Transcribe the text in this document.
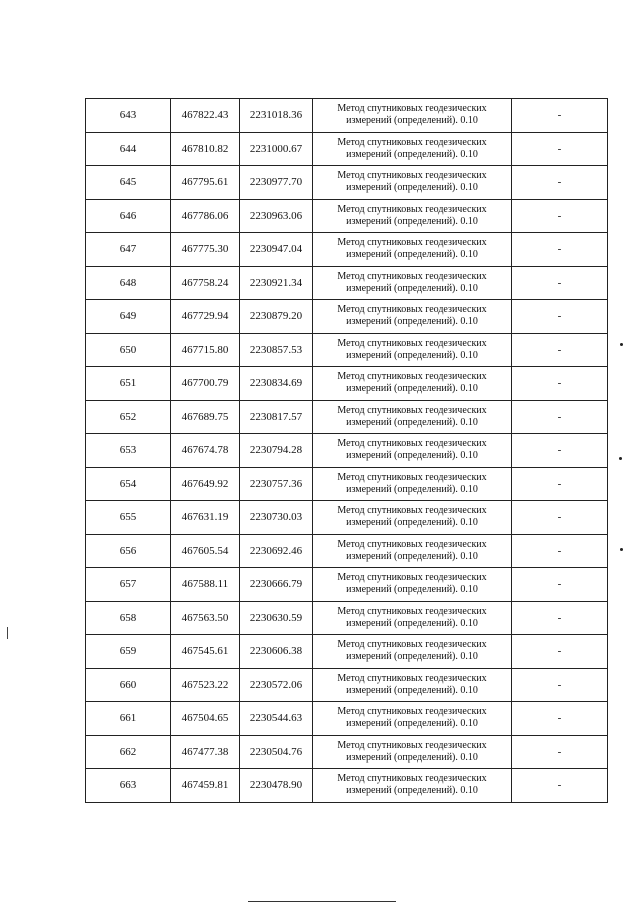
643	467822.43	2231018.36	Метод спутниковых геодезических
измерений (определений). 0.10	-
644	467810.82	2231000.67	Метод спутниковых геодезических
измерений (определений). 0.10	-
645	467795.61	2230977.70	Метод спутниковых геодезических
измерений (определений). 0.10	-
646	467786.06	2230963.06	Метод спутниковых геодезических
измерений (определений). 0.10	-
647	467775.30	2230947.04	Метод спутниковых геодезических
измерений (определений). 0.10	-
648	467758.24	2230921.34	Метод спутниковых геодезических
измерений (определений). 0.10	-
649	467729.94	2230879.20	Метод спутниковых геодезических
измерений (определений). 0.10	-
650	467715.80	2230857.53	Метод спутниковых геодезических
измерений (определений). 0.10	-
651	467700.79	2230834.69	Метод спутниковых геодезических
измерений (определений). 0.10	-
652	467689.75	2230817.57	Метод спутниковых геодезических
измерений (определений). 0.10	-
653	467674.78	2230794.28	Метод спутниковых геодезических
измерений (определений). 0.10	-
654	467649.92	2230757.36	Метод спутниковых геодезических
измерений (определений). 0.10	-
655	467631.19	2230730.03	Метод спутниковых геодезических
измерений (определений). 0.10	-
656	467605.54	2230692.46	Метод спутниковых геодезических
измерений (определений). 0.10	-
657	467588.11	2230666.79	Метод спутниковых геодезических
измерений (определений). 0.10	-
658	467563.50	2230630.59	Метод спутниковых геодезических
измерений (определений). 0.10	-
659	467545.61	2230606.38	Метод спутниковых геодезических
измерений (определений). 0.10	-
660	467523.22	2230572.06	Метод спутниковых геодезических
измерений (определений). 0.10	-
661	467504.65	2230544.63	Метод спутниковых геодезических
измерений (определений). 0.10	-
662	467477.38	2230504.76	Метод спутниковых геодезических
измерений (определений). 0.10	-
663	467459.81	2230478.90	Метод спутниковых геодезических
измерений (определений). 0.10	-
